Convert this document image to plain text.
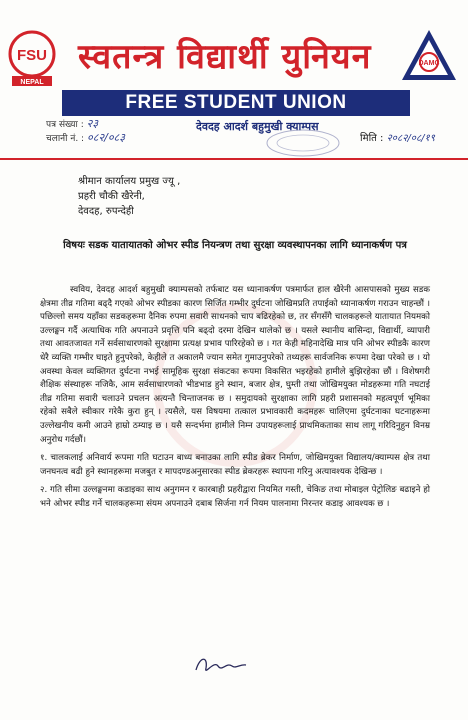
FSU
NEPAL
स्वतन्त्र विद्यार्थी युनियन	DAMC
FREE STUDENT UNION
देवदह आदर्श बहुमुखी क्याम्पस
पत्र संख्या : २३
चलानी नं. : ०८२/०८३	मिति : २०८२/०८/१९
श्रीमान कार्यालय प्रमुख ज्यू ,
प्रहरी चौकी खैरेनी,
देवदह, रुपन्देही
विषयः सडक यातायातको ओभर स्पीड नियन्त्रण तथा सुरक्षा व्यवस्थापनका लागि ध्यानाकर्षण पत्र

स्वविय, देवदह आदर्श बहुमुखी क्याम्पसको तर्फबाट यस ध्यानाकर्षण पत्रमार्फत हाल खैरेनी आसपासको मुख्य सडक क्षेत्रमा तीव्र गतिमा बढ्दै गएको ओभर स्पीडका कारण सिर्जित गम्भीर दुर्घटना जोखिमप्रति तपाईको ध्यानाकर्षण गराउन चाहन्छौं । पछिल्लो समय यहाँका सडकहरूमा दैनिक रुपमा सवारी साधनको चाप बढिरहेको छ, तर सँगसँगै चालकहरूले यातायात नियमको उल्लङ्घन गर्दै अत्याधिक गति अपनाउने प्रवृत्ति पनि बढ्दो दरमा देखिन थालेको छ । यसले स्थानीय बासिन्दा, विद्यार्थी, व्यापारी तथा आवतजावत गर्ने सर्वसाधारणको सुरक्षामा प्रत्यक्ष प्रभाव पारिरहेको छ । गत केही महिनादेखि मात्र पनि ओभर स्पीडकै कारण धेरै व्यक्ति गम्भीर घाइते हुनुपरेको, केहीले त अकालमै ज्यान समेत गुमाउनुपरेको तथ्यहरू सार्वजनिक रूपमा देखा परेको छ । यो अवस्था केवल व्यक्तिगत दुर्घटना नभई सामूहिक सुरक्षा संकटका रूपमा विकसित भइरहेको हामीले बुझिरहेका छौं । विशेषगरी शैक्षिक संस्थाहरू नजिकै, आम सर्वसाधारणको भीडभाड हुने स्थान, बजार क्षेत्र, घुम्ती तथा जोखिमयुक्त मोडहरूमा गति नघटाई तीव्र गतिमा सवारी चलाउने प्रचलन अत्यन्तै चिन्ताजनक छ । समुदायको सुरक्षाका लागि प्रहरी प्रशासनको महत्वपूर्ण भूमिका रहेको सबैले स्वीकार गरेकै कुरा हुन् । त्यसैले, यस विषयमा तत्काल प्रभावकारी कदमहरू चालिएमा दुर्घटनाका घटनाहरूमा उल्लेखनीय कमी आउने हाम्रो ठम्याइ छ । यसै सन्दर्भमा हामीले निम्न उपायहरूलाई प्राथमिकताका साथ लागू गरिदिनुहुन विनम्र अनुरोध गर्दछौं।

१. चालकलाई अनिवार्य रूपमा गति घटाउन बाध्य बनाउका लागि स्पीड ब्रेकर निर्माण, जोखिमयुक्त विद्यालय/क्याम्पस क्षेत्र तथा जनघनत्व बढी हुने स्थानहरूमा मजबुत र मापदण्डअनुसारका स्पीड ब्रेकरहरू स्थापना गरिनु अत्यावश्यक देखिन्छ ।

२. गति सीमा उल्लङ्घनमा कडाइका साथ अनुगमन र कारबाही प्रहरीद्वारा नियमित गस्ती, चेकिङ तथा मोबाइल पेट्रोलिङ बढाइने हो भने ओभर स्पीड गर्ने चालकहरूमा संयम अपनाउने दबाब सिर्जना गर्न नियम पालनामा निरन्तर कडाइ आवश्यक छ ।
